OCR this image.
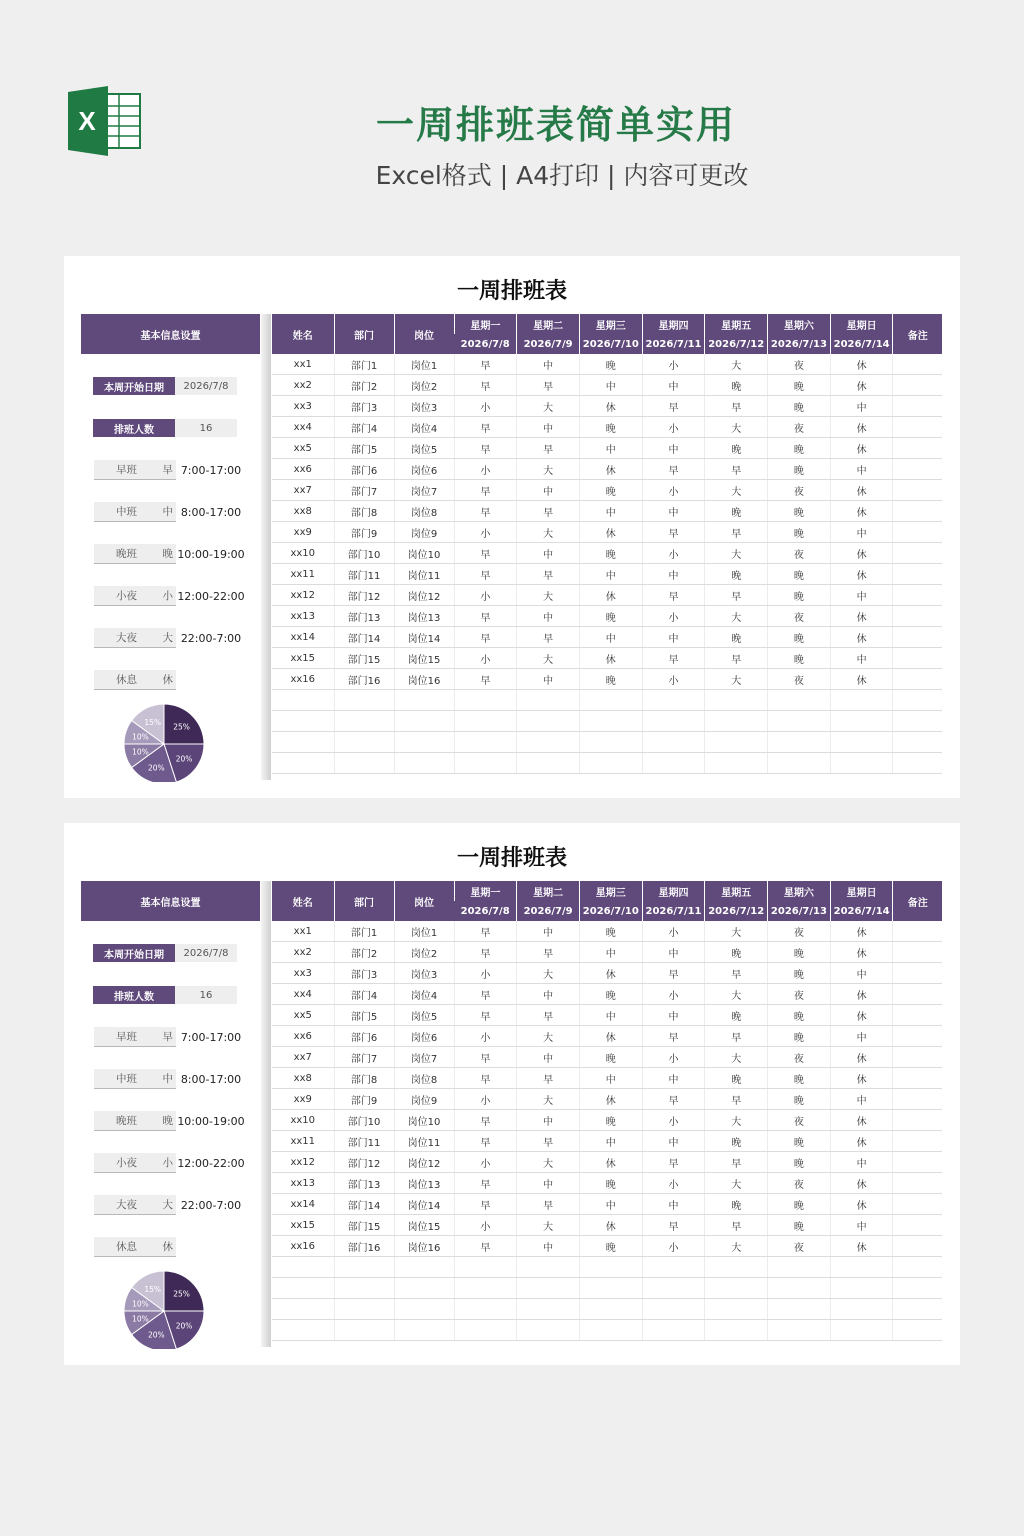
X	一周排班表简单实用
Excel格式 | A4打印 | 内容可更改
一周排班表
基本信息设置
本周开始日期	2026/7/8
排班人数	16
早班 早 7:00-17:00
中班 中 8:00-17:00
晚班 晚 10:00-19:00
小夜 小 12:00-22:00
大夜 大 22:00-7:00
休息 休
25%
20%
20%
10%
10%
15%
姓名	部门	岗位	星期一	星期二	星期三	星期四	星期五	星期六	星期日	备注
			2026/7/8	2026/7/9	2026/7/10	2026/7/11	2026/7/12	2026/7/13	2026/7/14	
xx1	部门1	岗位1	早	中	晚	小	大	夜	休	
xx2	部门2	岗位2	早	早	中	中	晚	晚	休	
xx3	部门3	岗位3	小	大	休	早	早	晚	中	
xx4	部门4	岗位4	早	中	晚	小	大	夜	休	
xx5	部门5	岗位5	早	早	中	中	晚	晚	休	
xx6	部门6	岗位6	小	大	休	早	早	晚	中	
xx7	部门7	岗位7	早	中	晚	小	大	夜	休	
xx8	部门8	岗位8	早	早	中	中	晚	晚	休	
xx9	部门9	岗位9	小	大	休	早	早	晚	中	
xx10	部门10	岗位10	早	中	晚	小	大	夜	休	
xx11	部门11	岗位11	早	早	中	中	晚	晚	休	
xx12	部门12	岗位12	小	大	休	早	早	晚	中	
xx13	部门13	岗位13	早	中	晚	小	大	夜	休	
xx14	部门14	岗位14	早	早	中	中	晚	晚	休	
xx15	部门15	岗位15	小	大	休	早	早	晚	中	
xx16	部门16	岗位16	早	中	晚	小	大	夜	休	

一周排班表
基本信息设置
本周开始日期	2026/7/8
排班人数	16
早班 早 7:00-17:00
中班 中 8:00-17:00
晚班 晚 10:00-19:00
小夜 小 12:00-22:00
大夜 大 22:00-7:00
休息 休
25%
20%
20%
10%
10%
15%
姓名	部门	岗位	星期一	星期二	星期三	星期四	星期五	星期六	星期日	备注
			2026/7/8	2026/7/9	2026/7/10	2026/7/11	2026/7/12	2026/7/13	2026/7/14	
xx1	部门1	岗位1	早	中	晚	小	大	夜	休	
xx2	部门2	岗位2	早	早	中	中	晚	晚	休	
xx3	部门3	岗位3	小	大	休	早	早	晚	中	
xx4	部门4	岗位4	早	中	晚	小	大	夜	休	
xx5	部门5	岗位5	早	早	中	中	晚	晚	休	
xx6	部门6	岗位6	小	大	休	早	早	晚	中	
xx7	部门7	岗位7	早	中	晚	小	大	夜	休	
xx8	部门8	岗位8	早	早	中	中	晚	晚	休	
xx9	部门9	岗位9	小	大	休	早	早	晚	中	
xx10	部门10	岗位10	早	中	晚	小	大	夜	休	
xx11	部门11	岗位11	早	早	中	中	晚	晚	休	
xx12	部门12	岗位12	小	大	休	早	早	晚	中	
xx13	部门13	岗位13	早	中	晚	小	大	夜	休	
xx14	部门14	岗位14	早	早	中	中	晚	晚	休	
xx15	部门15	岗位15	小	大	休	早	早	晚	中	
xx16	部门16	岗位16	早	中	晚	小	大	夜	休	
